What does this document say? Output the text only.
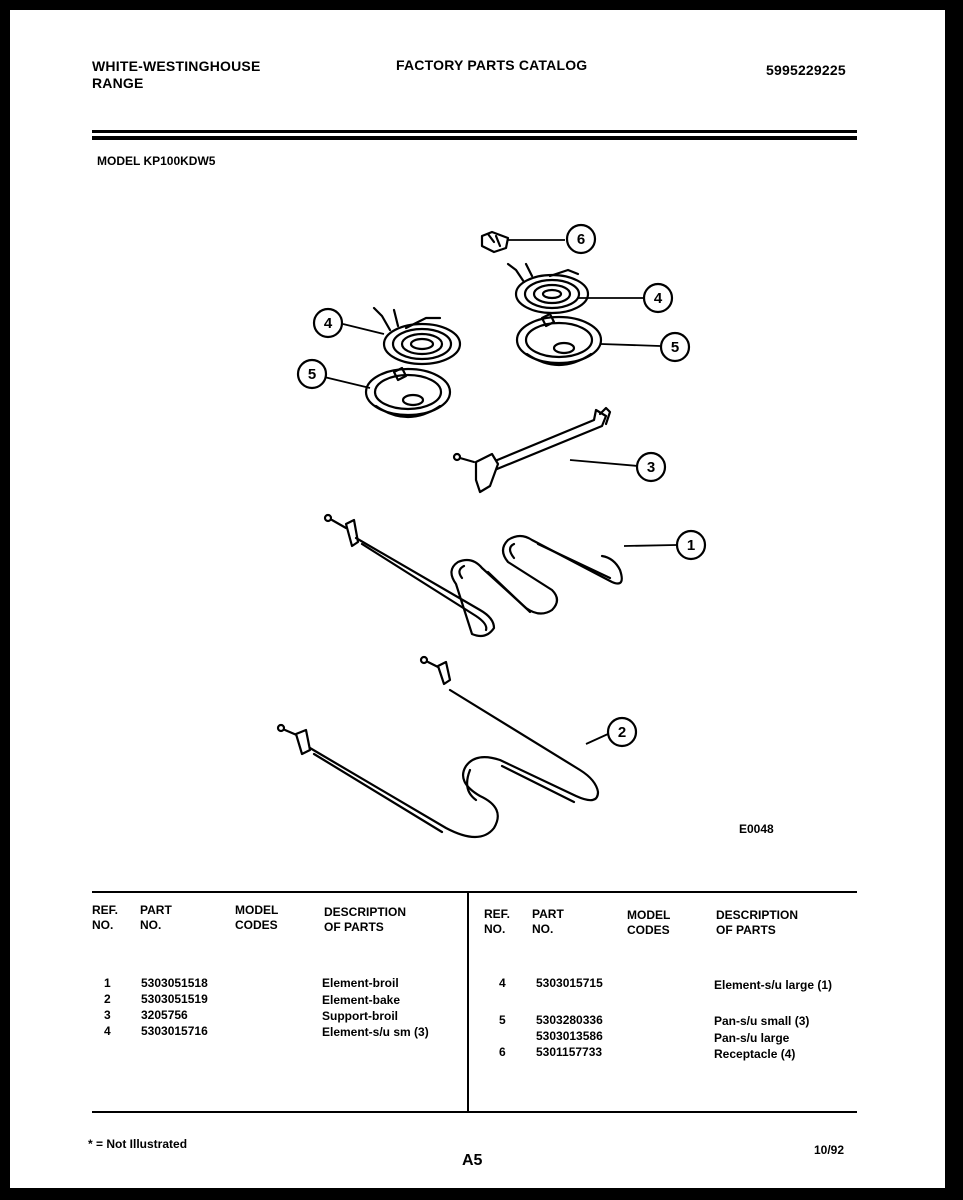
WHITE-WESTINGHOUSE
RANGE
FACTORY PARTS CATALOG	5995229225
MODEL KP100KDW5
6
4
4
5
5
3
1
2
E0048
REF.
NO.
PART
NO.
MODEL
CODES
DESCRIPTION
OF PARTS
REF.
NO.
PART
NO.
MODEL
CODES
DESCRIPTION
OF PARTS
1	5303051518	Element-broil
2	5303051519	Element-bake
3	3205756	Support-broil
4	5303015716	Element-s/u sm (3)
4	5303015715	Element-s/u large (1)
5	5303280336	Pan-s/u small (3)
5303013586	Pan-s/u large
6	5301157733	Receptacle (4)
* = Not Illustrated
A5
10/92
